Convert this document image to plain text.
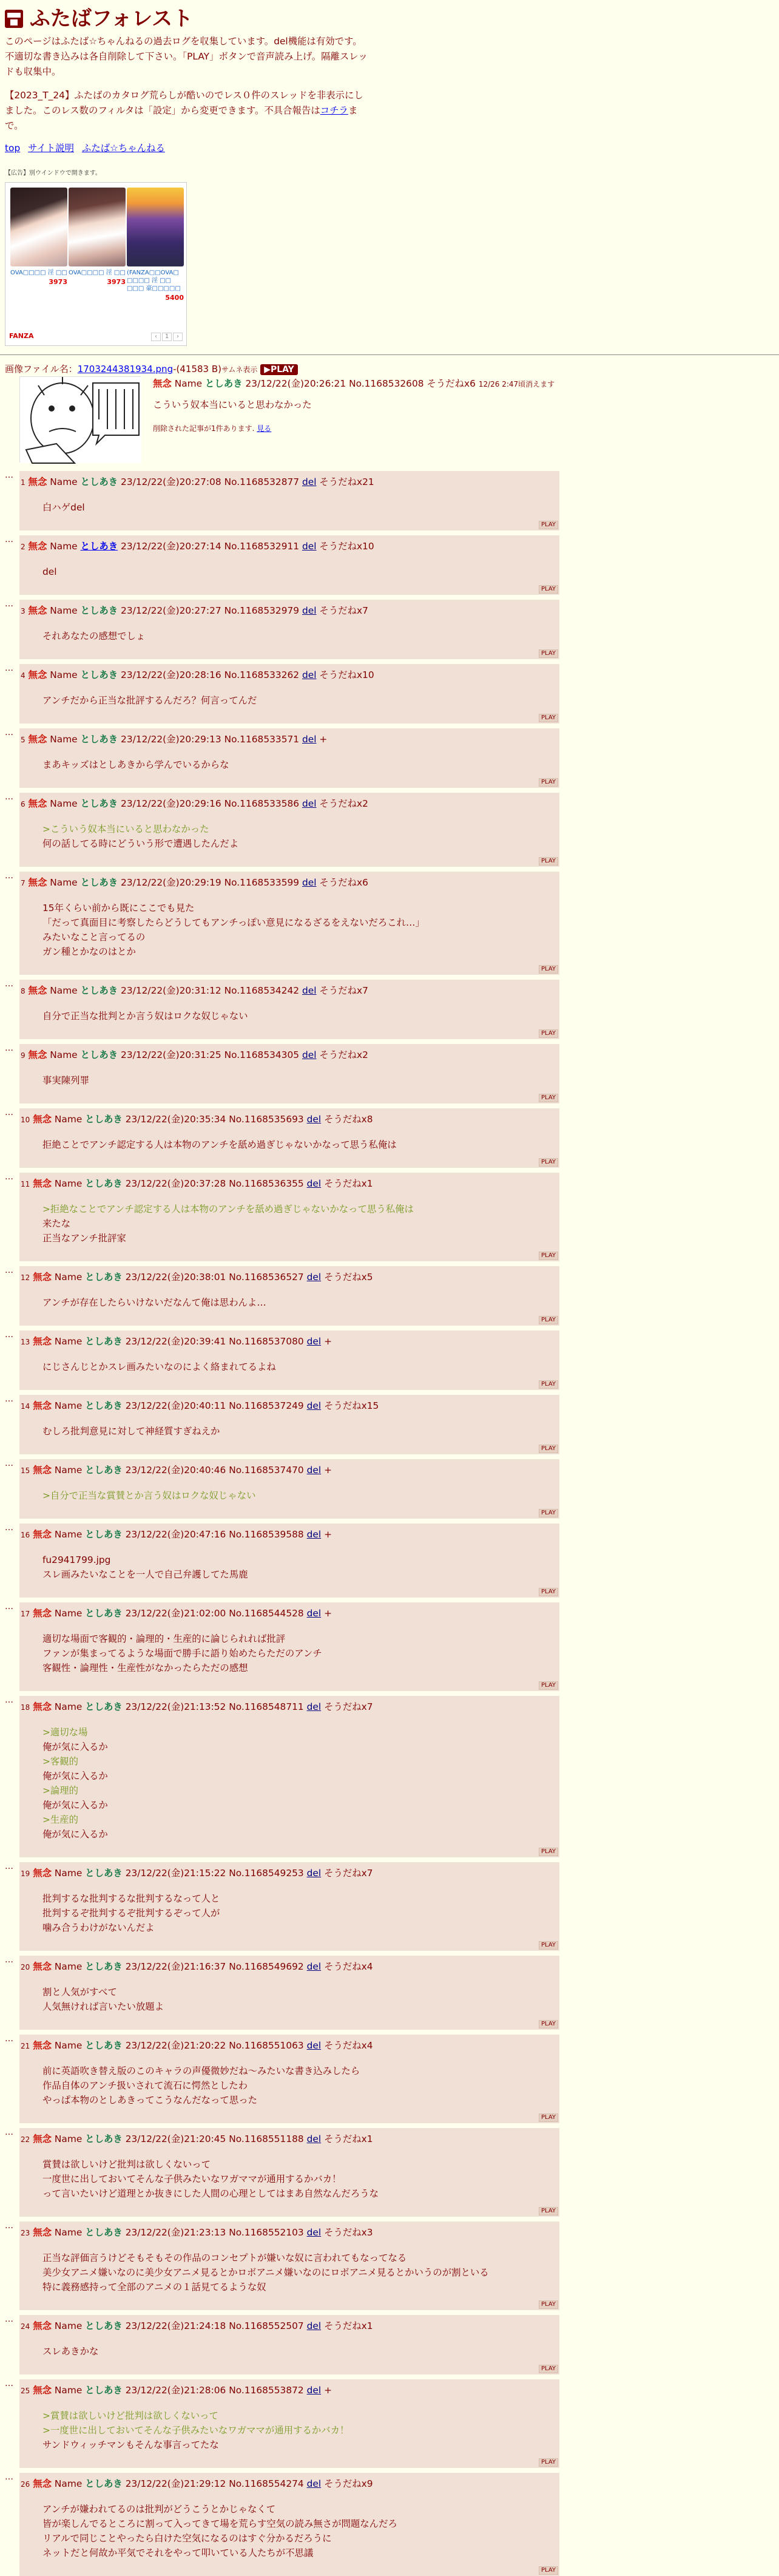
ふたばフォレスト

このページはふたば☆ちゃんねるの過去ログを収集しています。del機能は有効です。不適切な書き込みは各自削除して下さい。「PLAY」ボタンで音声読み上げ。隔離スレッドも収集中。

【2023_T_24】ふたばのカタログ荒らしが酷いのでレス０件のスレッドを非表示にしました。このレス数のフィルタは「設定」から変更できます。不具合報告はコチラまで。

top サイト説明 ふたば☆ちゃんねる
【広告】別ウインドウで開きます。
OVA□□□□ 淫 □□
3973
OVA□□□□ 淫 □□
3973
(FANZA□□OVA□ □□□□ 淫 □□ □□□ 豪□□□□□
5400
FANZA	‹ 1 ›
画像ファイル名：1703244381934.png-(41583 B)サムネ表示 ▶PLAY
無念 Name としあき 23/12/22(金)20:26:21 No.1168532608 そうだねx6 12/26 2:47頃消えます
こういう奴本当にいると思わなかった
削除された記事が1件あります. 見る
…
1 無念 Name としあき 23/12/22(金)20:27:08 No.1168532877 del そうだねx21
白ハゲdel
PLAY
…
2 無念 Name としあき 23/12/22(金)20:27:14 No.1168532911 del そうだねx10
del
PLAY
…
3 無念 Name としあき 23/12/22(金)20:27:27 No.1168532979 del そうだねx7
それあなたの感想でしょ
PLAY
…
4 無念 Name としあき 23/12/22(金)20:28:16 No.1168533262 del そうだねx10
アンチだから正当な批評するんだろ？何言ってんだ
PLAY
…
5 無念 Name としあき 23/12/22(金)20:29:13 No.1168533571 del +
まあキッズはとしあきから学んでいるからな
PLAY
…
6 無念 Name としあき 23/12/22(金)20:29:16 No.1168533586 del そうだねx2
>こういう奴本当にいると思わなかった
何の話してる時にどういう形で遭遇したんだよ
PLAY
…
7 無念 Name としあき 23/12/22(金)20:29:19 No.1168533599 del そうだねx6
15年くらい前から既にここでも見た
「だって真面目に考察したらどうしてもアンチっぽい意見になるざるをえないだろこれ…」
みたいなこと言ってるの
ガン種とかなのはとか
PLAY
…
8 無念 Name としあき 23/12/22(金)20:31:12 No.1168534242 del そうだねx7
自分で正当な批判とか言う奴はロクな奴じゃない
PLAY
…
9 無念 Name としあき 23/12/22(金)20:31:25 No.1168534305 del そうだねx2
事実陳列罪
PLAY
…
10 無念 Name としあき 23/12/22(金)20:35:34 No.1168535693 del そうだねx8
拒絶ことでアンチ認定する人は本物のアンチを舐め過ぎじゃないかなって思う私俺は
PLAY
…
11 無念 Name としあき 23/12/22(金)20:37:28 No.1168536355 del そうだねx1
>拒絶なことでアンチ認定する人は本物のアンチを舐め過ぎじゃないかなって思う私俺は
来たな
正当なアンチ批評家
PLAY
…
12 無念 Name としあき 23/12/22(金)20:38:01 No.1168536527 del そうだねx5
アンチが存在したらいけないだなんて俺は思わんよ…
PLAY
…
13 無念 Name としあき 23/12/22(金)20:39:41 No.1168537080 del +
にじさんじとかスレ画みたいなのによく絡まれてるよね
PLAY
…
14 無念 Name としあき 23/12/22(金)20:40:11 No.1168537249 del そうだねx15
むしろ批判意見に対して神経質すぎねえか
PLAY
…
15 無念 Name としあき 23/12/22(金)20:40:46 No.1168537470 del +
>自分で正当な賞賛とか言う奴はロクな奴じゃない
PLAY
…
16 無念 Name としあき 23/12/22(金)20:47:16 No.1168539588 del +
fu2941799.jpg
スレ画みたいなことを一人で自己弁護してた馬鹿
PLAY
…
17 無念 Name としあき 23/12/22(金)21:02:00 No.1168544528 del +
適切な場面で客観的・論理的・生産的に論じられれば批評
ファンが集まってるような場面で勝手に語り始めたらただのアンチ
客観性・論理性・生産性がなかったらただの感想
PLAY
…
18 無念 Name としあき 23/12/22(金)21:13:52 No.1168548711 del そうだねx7
>適切な場
俺が気に入るか
>客観的
俺が気に入るか
>論理的
俺が気に入るか
>生産的
俺が気に入るか
PLAY
…
19 無念 Name としあき 23/12/22(金)21:15:22 No.1168549253 del そうだねx7
批判するな批判するな批判するなって人と
批判するぞ批判するぞ批判するぞって人が
噛み合うわけがないんだよ
PLAY
…
20 無念 Name としあき 23/12/22(金)21:16:37 No.1168549692 del そうだねx4
割と人気がすべて
人気無ければ言いたい放題よ
PLAY
…
21 無念 Name としあき 23/12/22(金)21:20:22 No.1168551063 del そうだねx4
前に英語吹き替え版のこのキャラの声優微妙だね〜みたいな書き込みしたら
作品自体のアンチ扱いされて流石に愕然としたわ
やっぱ本物のとしあきってこうなんだなって思った
PLAY
…
22 無念 Name としあき 23/12/22(金)21:20:45 No.1168551188 del そうだねx1
賞賛は欲しいけど批判は欲しくないって
一度世に出しておいてそんな子供みたいなワガママが通用するかバカ！
って言いたいけど道理とか抜きにした人間の心理としてはまあ自然なんだろうな
PLAY
…
23 無念 Name としあき 23/12/22(金)21:23:13 No.1168552103 del そうだねx3
正当な評価言うけどそもそもその作品のコンセプトが嫌いな奴に言われてもなってなる
美少女アニメ嫌いなのに美少女アニメ見るとかロボアニメ嫌いなのにロボアニメ見るとかいうのが割といる
特に義務感持って全部のアニメの１話見てるような奴
PLAY
…
24 無念 Name としあき 23/12/22(金)21:24:18 No.1168552507 del そうだねx1
スレあきかな
PLAY
…
25 無念 Name としあき 23/12/22(金)21:28:06 No.1168553872 del +
>賞賛は欲しいけど批判は欲しくないって
>一度世に出しておいてそんな子供みたいなワガママが通用するかバカ！
サンドウィッチマンもそんな事言ってたな
PLAY
…
26 無念 Name としあき 23/12/22(金)21:29:12 No.1168554274 del そうだねx9
アンチが嫌われてるのは批判がどうこうとかじゃなくて
皆が楽しんでるところに割って入ってきて場を荒らす空気の読み無さが問題なんだろ
リアルで同じことやったら白けた空気になるのはすぐ分かるだろうに
ネットだと何故か平気でそれをやって叩いている人たちが不思議
PLAY
